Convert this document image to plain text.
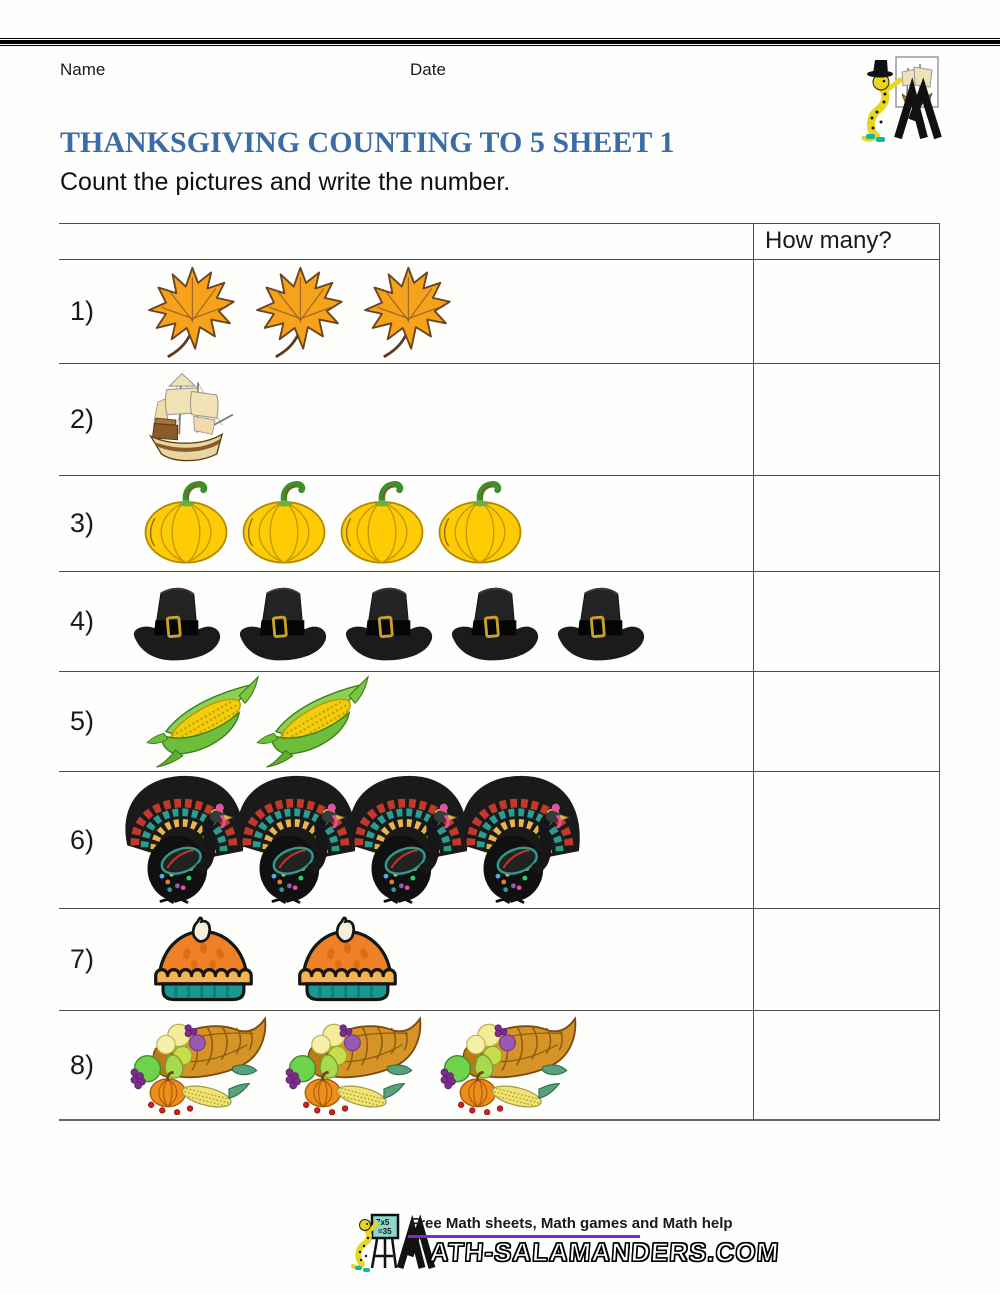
Name	Date
THANKSGIVING COUNTING TO 5 SHEET 1

Count the pictures and write the number.

How many?
1)
2)
3)
4)
5)
6)
7)
8)
7x5
=35 Free Math sheets, Math games and Math help
ATH-SALAMANDERS.COM
